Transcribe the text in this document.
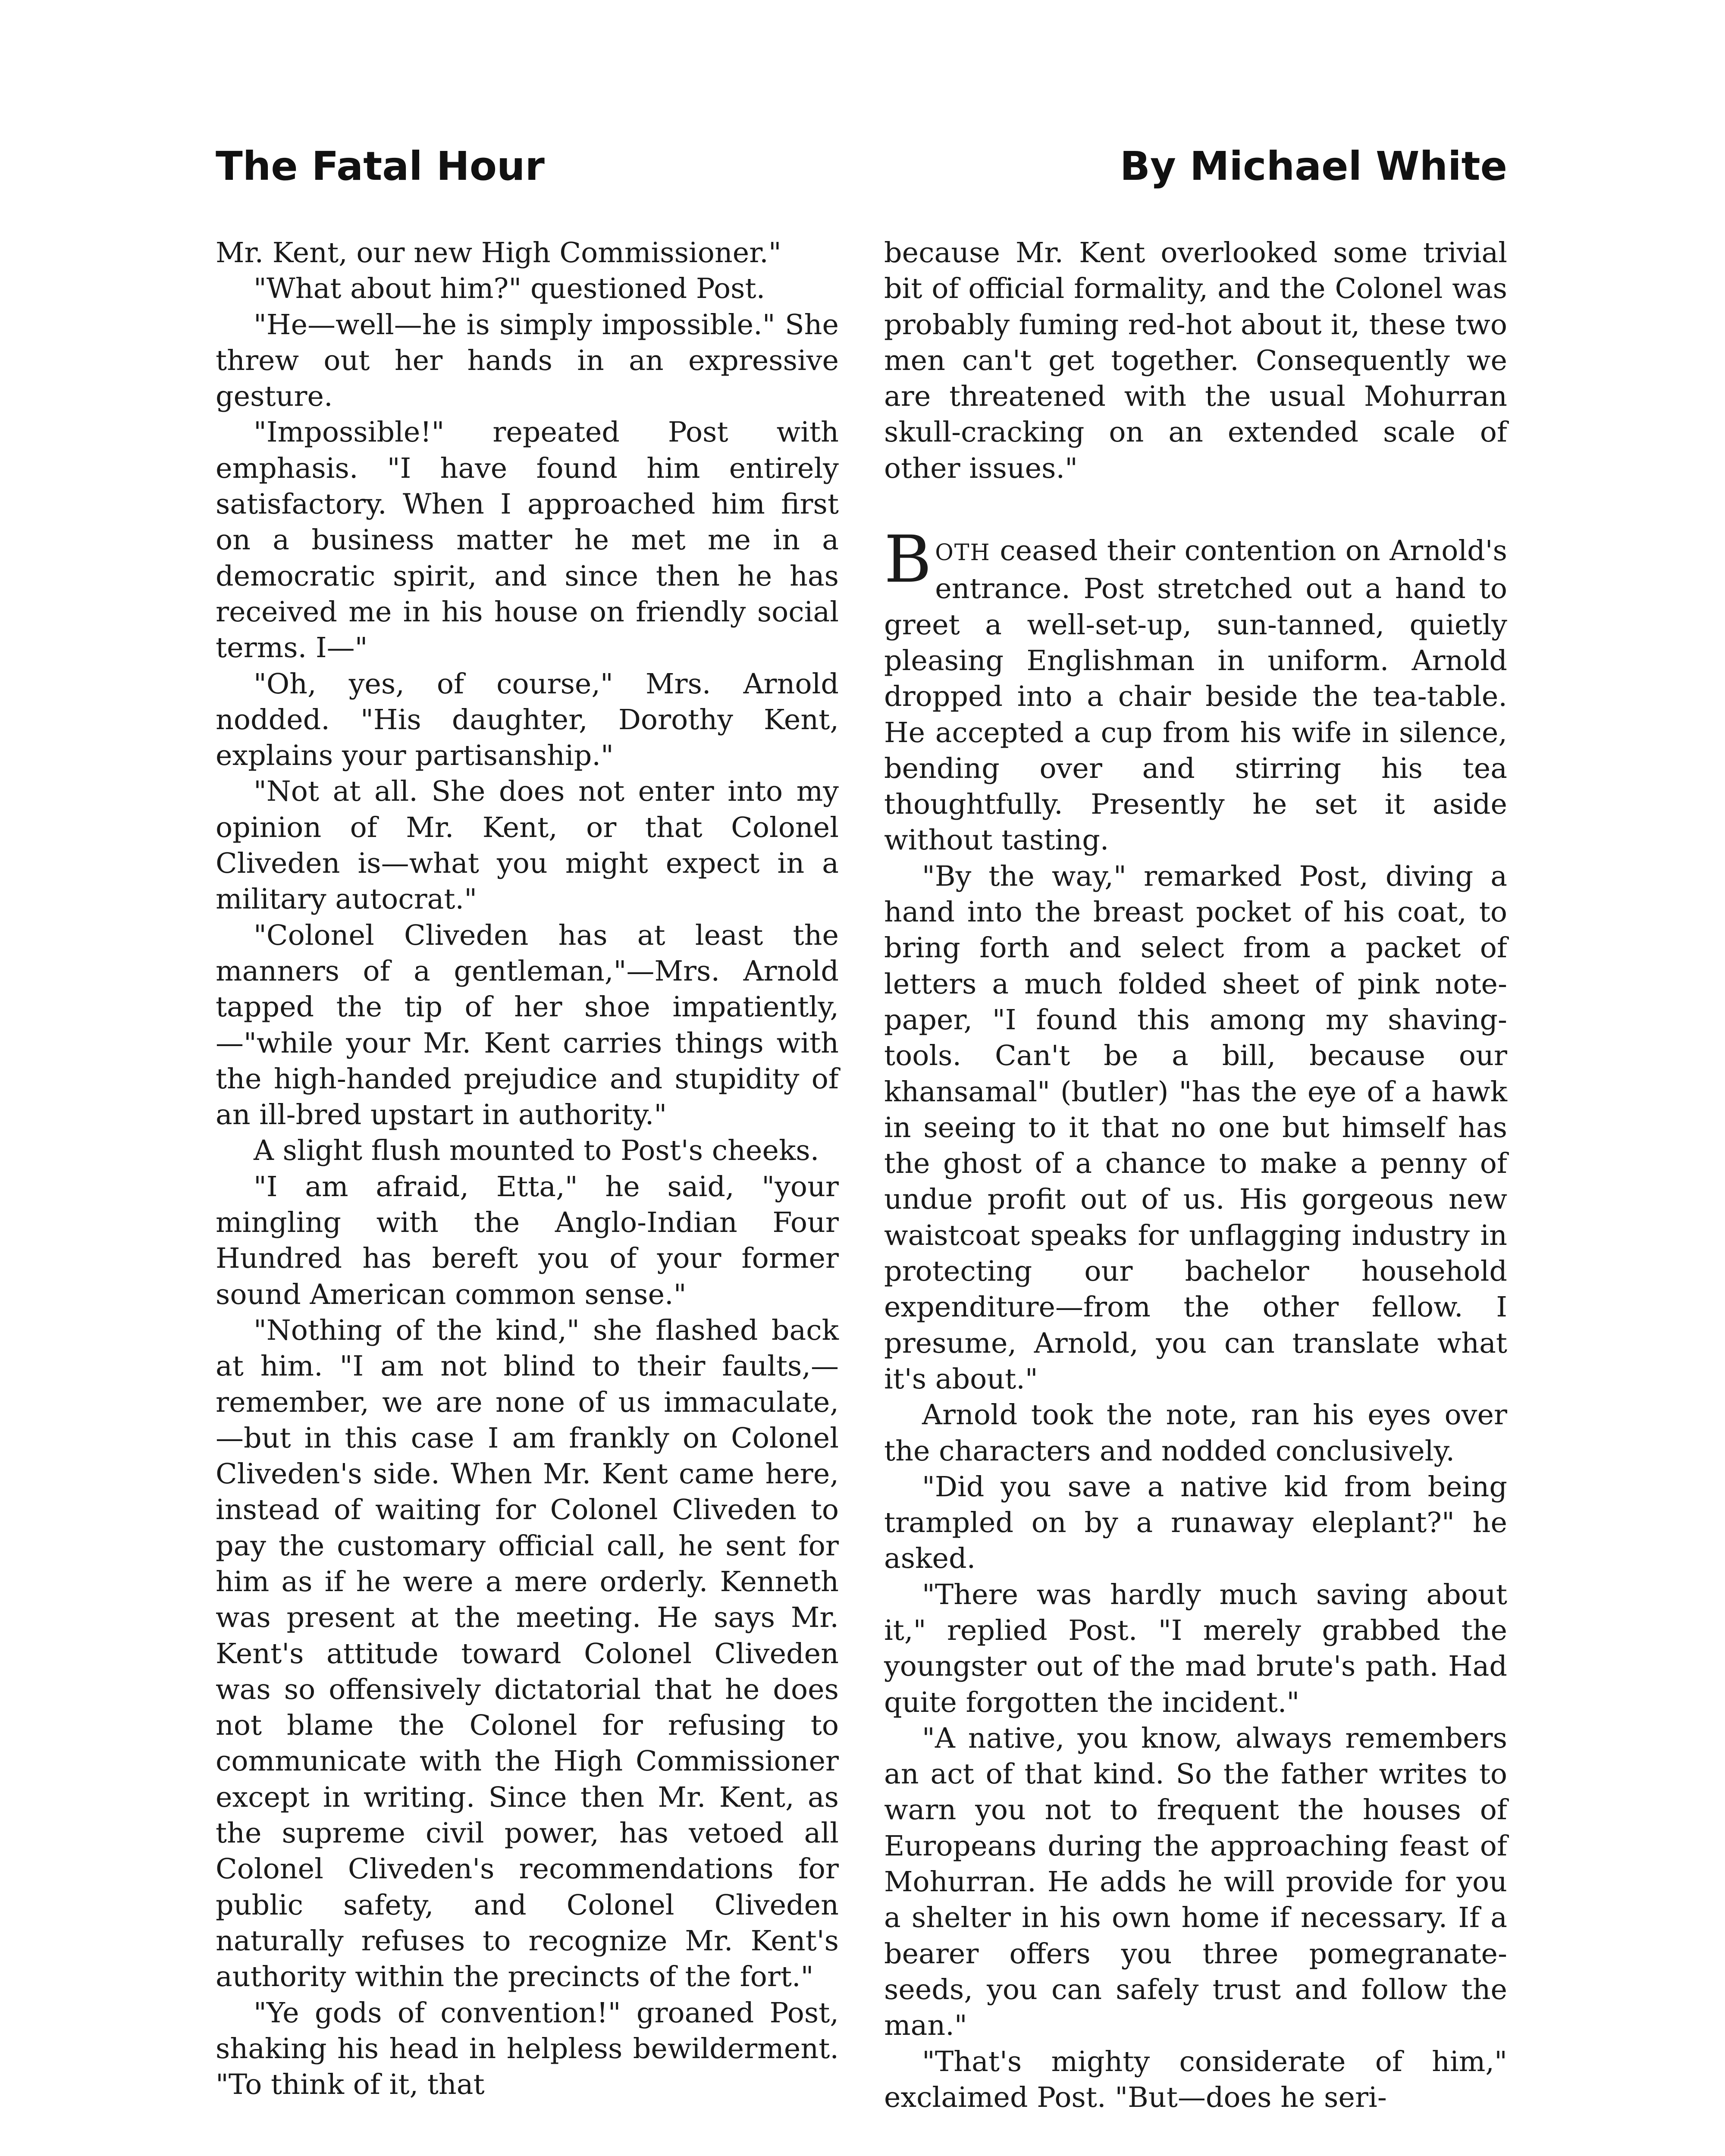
The Fatal Hour	By Michael White

Mr. Kent, our new High Commissioner."

"What about him?" questioned Post.

"He—well—he is simply impossible." She threw out her hands in an expressive gesture.

"Impossible!" repeated Post with emphasis. "I have found him entirely satisfactory. When I approached him first on a business matter he met me in a democratic spirit, and since then he has received me in his house on friendly social terms. I—"

"Oh, yes, of course," Mrs. Arnold nodded. "His daughter, Dorothy Kent, explains your partisanship."

"Not at all. She does not enter into my opinion of Mr. Kent, or that Colonel Cliveden is—what you might expect in a military autocrat."

"Colonel Cliveden has at least the manners of a gentleman,"—Mrs. Arnold tapped the tip of her shoe impatiently,—"while your Mr. Kent carries things with the high-handed prejudice and stupidity of an ill-bred upstart in authority."

A slight flush mounted to Post's cheeks.

"I am afraid, Etta," he said, "your mingling with the Anglo-Indian Four Hundred has bereft you of your former sound American common sense."

"Nothing of the kind," she flashed back at him. "I am not blind to their faults,—remember, we are none of us immaculate,—but in this case I am frankly on Colonel Cliveden's side. When Mr. Kent came here, instead of waiting for Colonel Cliveden to pay the customary official call, he sent for him as if he were a mere orderly. Kenneth was present at the meeting. He says Mr. Kent's attitude toward Colonel Cliveden was so offensively dictatorial that he does not blame the Colonel for refusing to communicate with the High Commissioner except in writing. Since then Mr. Kent, as the supreme civil power, has vetoed all Colonel Cliveden's recommendations for public safety, and Colonel Cliveden naturally refuses to recognize Mr. Kent's authority within the precincts of the fort."

"Ye gods of convention!" groaned Post, shaking his head in helpless bewilderment. "To think of it, that

because Mr. Kent overlooked some trivial bit of official formality, and the Colonel was probably fuming red-hot about it, these two men can't get together. Consequently we are threatened with the usual Mohurran skull-cracking on an extended scale of other issues."

BOTH ceased their contention on Arnold's entrance. Post stretched out a hand to greet a well-set-up, sun-tanned, quietly pleasing Englishman in uniform. Arnold dropped into a chair beside the tea-table. He accepted a cup from his wife in silence, bending over and stirring his tea thoughtfully. Presently he set it aside without tasting.

"By the way," remarked Post, diving a hand into the breast pocket of his coat, to bring forth and select from a packet of letters a much folded sheet of pink note-paper, "I found this among my shaving-tools. Can't be a bill, because our khansamal" (butler) "has the eye of a hawk in seeing to it that no one but himself has the ghost of a chance to make a penny of undue profit out of us. His gorgeous new waistcoat speaks for unflagging industry in protecting our bachelor household expenditure—from the other fellow. I presume, Arnold, you can translate what it's about."

Arnold took the note, ran his eyes over the characters and nodded conclusively.

"Did you save a native kid from being trampled on by a runaway eleplant?" he asked.

"There was hardly much saving about it," replied Post. "I merely grabbed the youngster out of the mad brute's path. Had quite forgotten the incident."

"A native, you know, always remembers an act of that kind. So the father writes to warn you not to frequent the houses of Europeans during the approaching feast of Mohurran. He adds he will provide for you a shelter in his own home if necessary. If a bearer offers you three pomegranate-seeds, you can safely trust and follow the man."

"That's mighty considerate of him," exclaimed Post. "But—does he seri-
